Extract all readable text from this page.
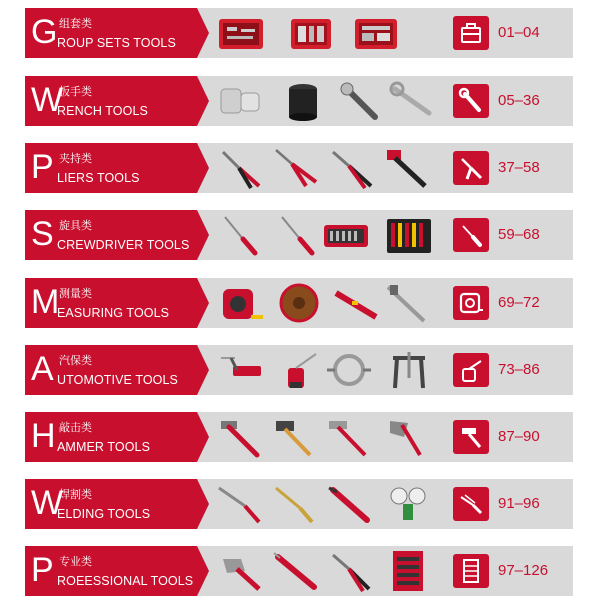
G 组套类
ROUP SETS TOOLS
01–04
W
扳手类
RENCH TOOLS
05–36
P 夹持类
LIERS TOOLS
37–58
S 旋具类
CREWDRIVER TOOLS
59–68
M 测量类
EASURING TOOLS
69–72
A 汽保类
UTOMOTIVE TOOLS
73–86
H 敲击类
AMMER TOOLS
87–90
W
焊割类
ELDING TOOLS
91–96
P 专业类
ROEESSIONAL TOOLS
97–126
